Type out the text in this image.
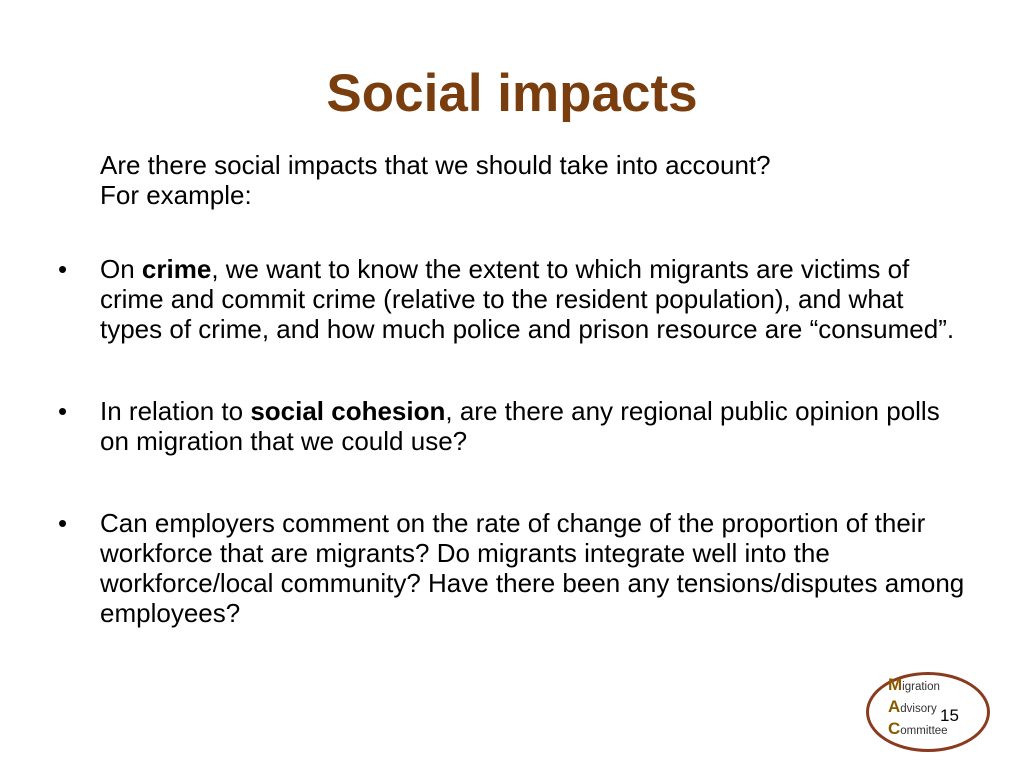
Social impacts
Are there social impacts that we should take into account?
For example:
• On crime, we want to know the extent to which migrants are victims of crime and commit crime (relative to the resident population), and what types of crime, and how much police and prison resource are “consumed”.
• In relation to social cohesion, are there any regional public opinion polls on migration that we could use?
• Can employers comment on the rate of change of the proportion of their workforce that are migrants? Do migrants integrate well into the workforce/local community? Have there been any tensions/disputes among employees?
Migration
Advisory
Committee
15
